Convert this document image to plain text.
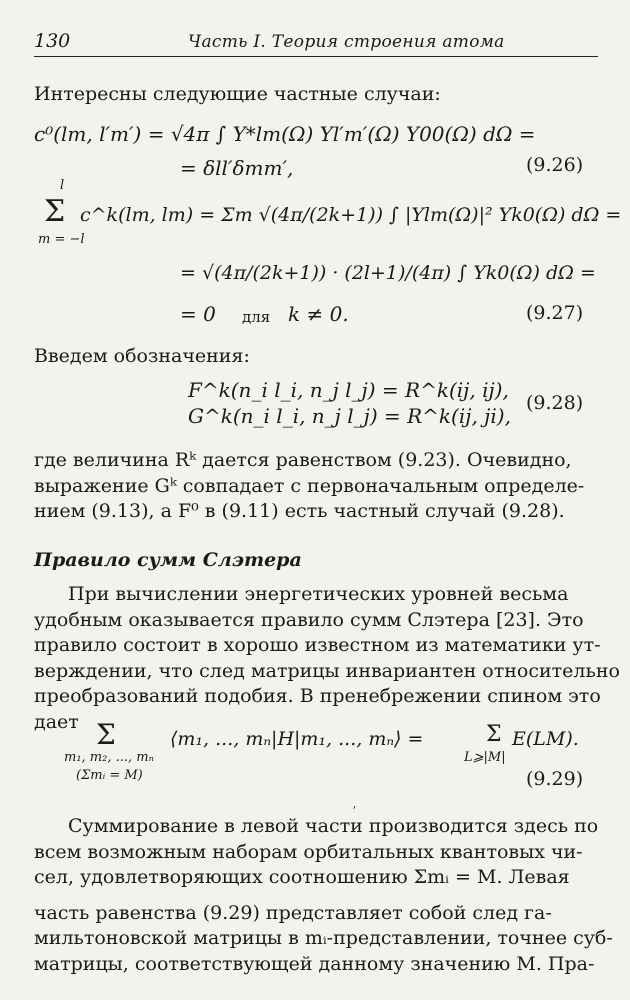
130	Часть I. Теория строения атома
Интересны следующие частные случаи:
c⁰(lm, l′m′) = √4π ∫ Y*lm(Ω) Yl′m′(Ω) Y00(Ω) dΩ =
= δll′δmm′,	(9.26)
l
Σ
m = −l
c^k(lm, lm) = Σm √(4π/(2k+1)) ∫ |Ylm(Ω)|² Yk0(Ω) dΩ =
= √(4π/(2k+1)) · (2l+1)/(4π) ∫ Yk0(Ω) dΩ =
= 0 для k ≠ 0.	(9.27)
Введем обозначения:
F^k(n_i l_i, n_j l_j) = R^k(ij, ij),
G^k(n_i l_i, n_j l_j) = R^k(ij, ji),
(9.28)
где величина Rᵏ дается равенством (9.23). Очевидно,
выражение Gᵏ совпадает с первоначальным определе-
нием (9.13), а F⁰ в (9.11) есть частный случай (9.28).
Правило сумм Слэтера
При вычислении энергетических уровней весьма
удобным оказывается правило сумм Слэтера [23]. Это
правило состоит в хорошо известном из математики ут-
верждении, что след матрицы инвариантен относительно
преобразований подобия. В пренебрежении спином это
дает Σ
m₁, m₂, ..., mₙ
(Σmᵢ = M)
⟨m₁, ..., mₙ|H|m₁, ..., mₙ⟩ =	Σ E(LM).
L⩾|M|
(9.29)
ʼ
Суммирование в левой части производится здесь по
всем возможным наборам орбитальных квантовых чи-
сел, удовлетворяющих соотношению Σmᵢ = M. Левая
часть равенства (9.29) представляет собой след га-
мильтоновской матрицы в mᵢ-представлении, точнее суб-
матрицы, соответствующей данному значению M. Пра-
